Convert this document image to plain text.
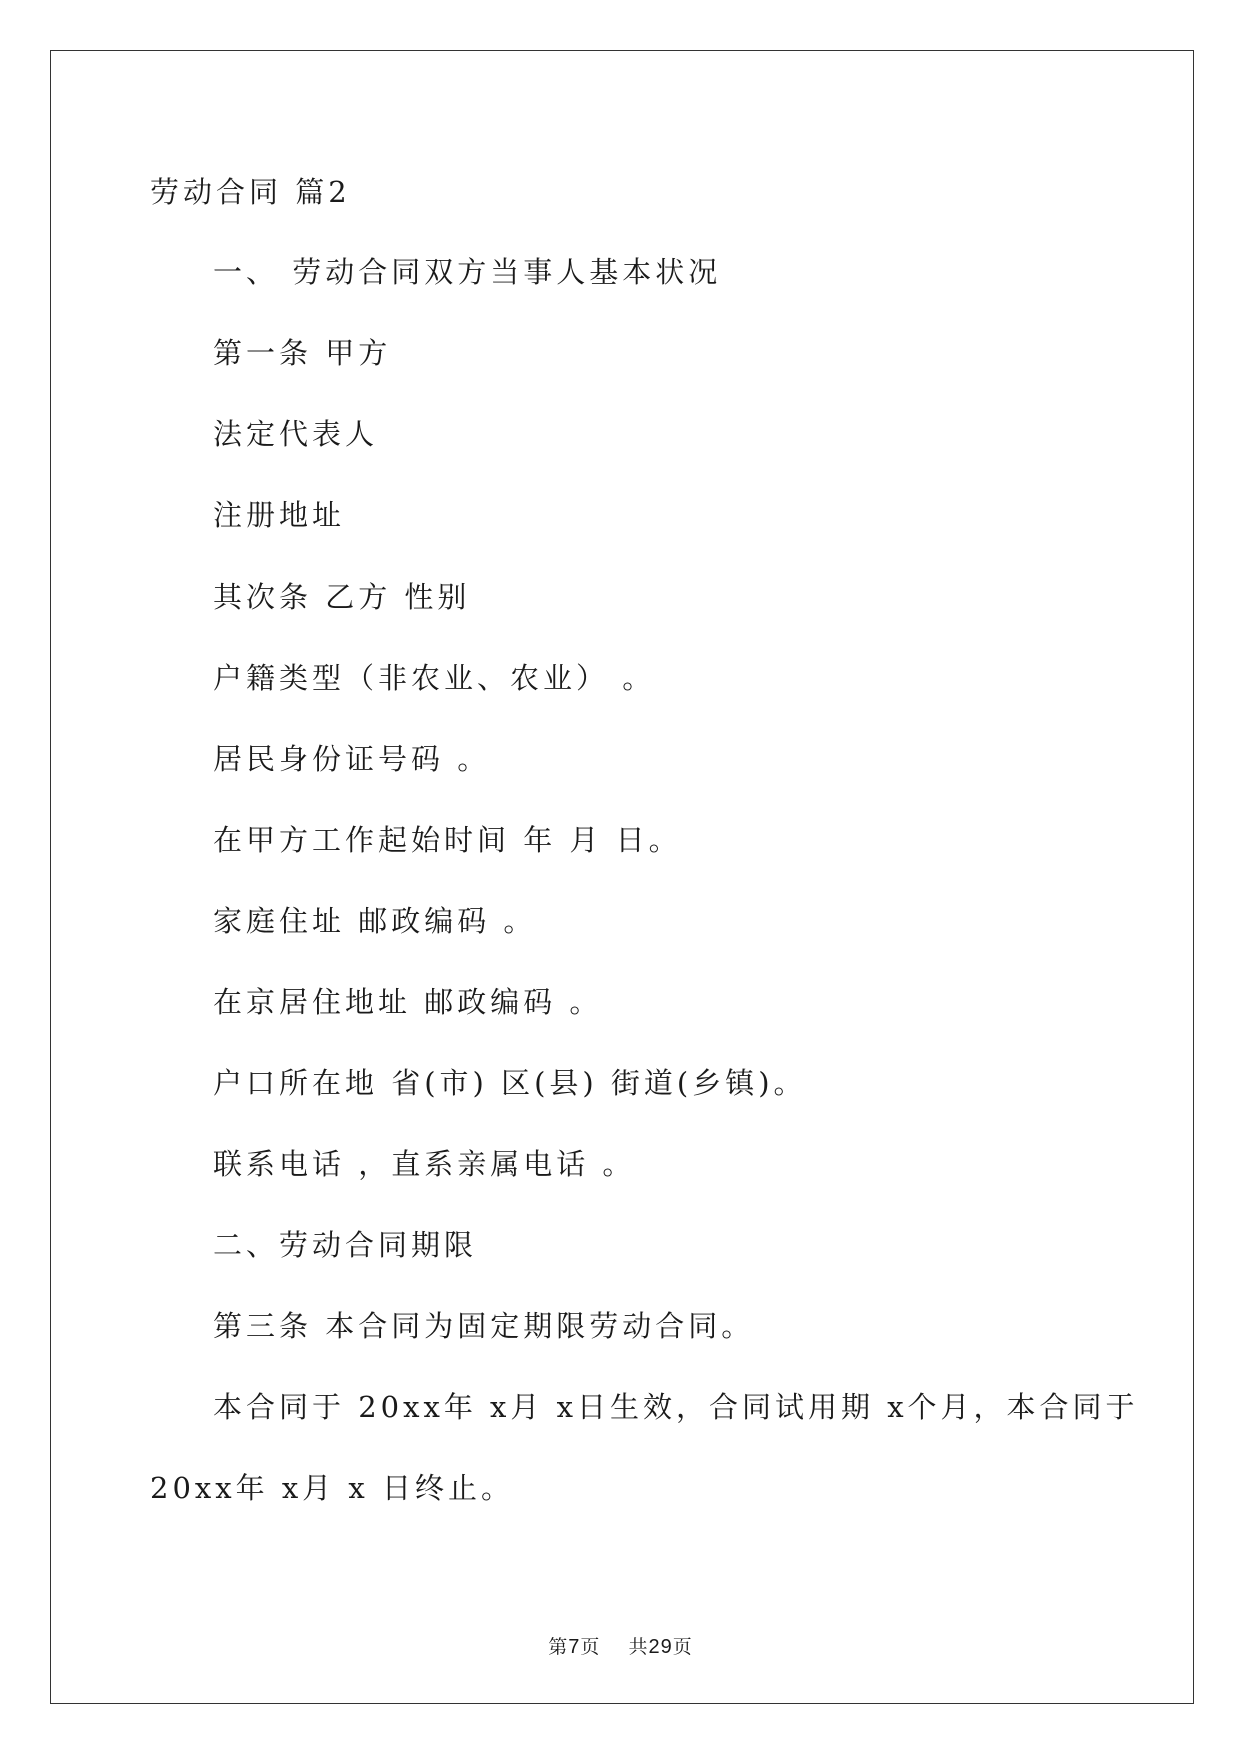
劳动合同 篇2
一、 劳动合同双方当事人基本状况
第一条 甲方
法定代表人
注册地址
其次条 乙方 性别
户籍类型（非农业、农业） 。
居民身份证号码 。
在甲方工作起始时间 年 月 日。
家庭住址 邮政编码 。
在京居住地址 邮政编码 。
户口所在地 省(市) 区(县) 街道(乡镇)。
联系电话 ，直系亲属电话 。
二、劳动合同期限
第三条 本合同为固定期限劳动合同。
本合同于 20xx年 x月 x日生效，合同试用期 x个月，本合同于
20xx年 x月 x 日终止。
第7页 共29页
